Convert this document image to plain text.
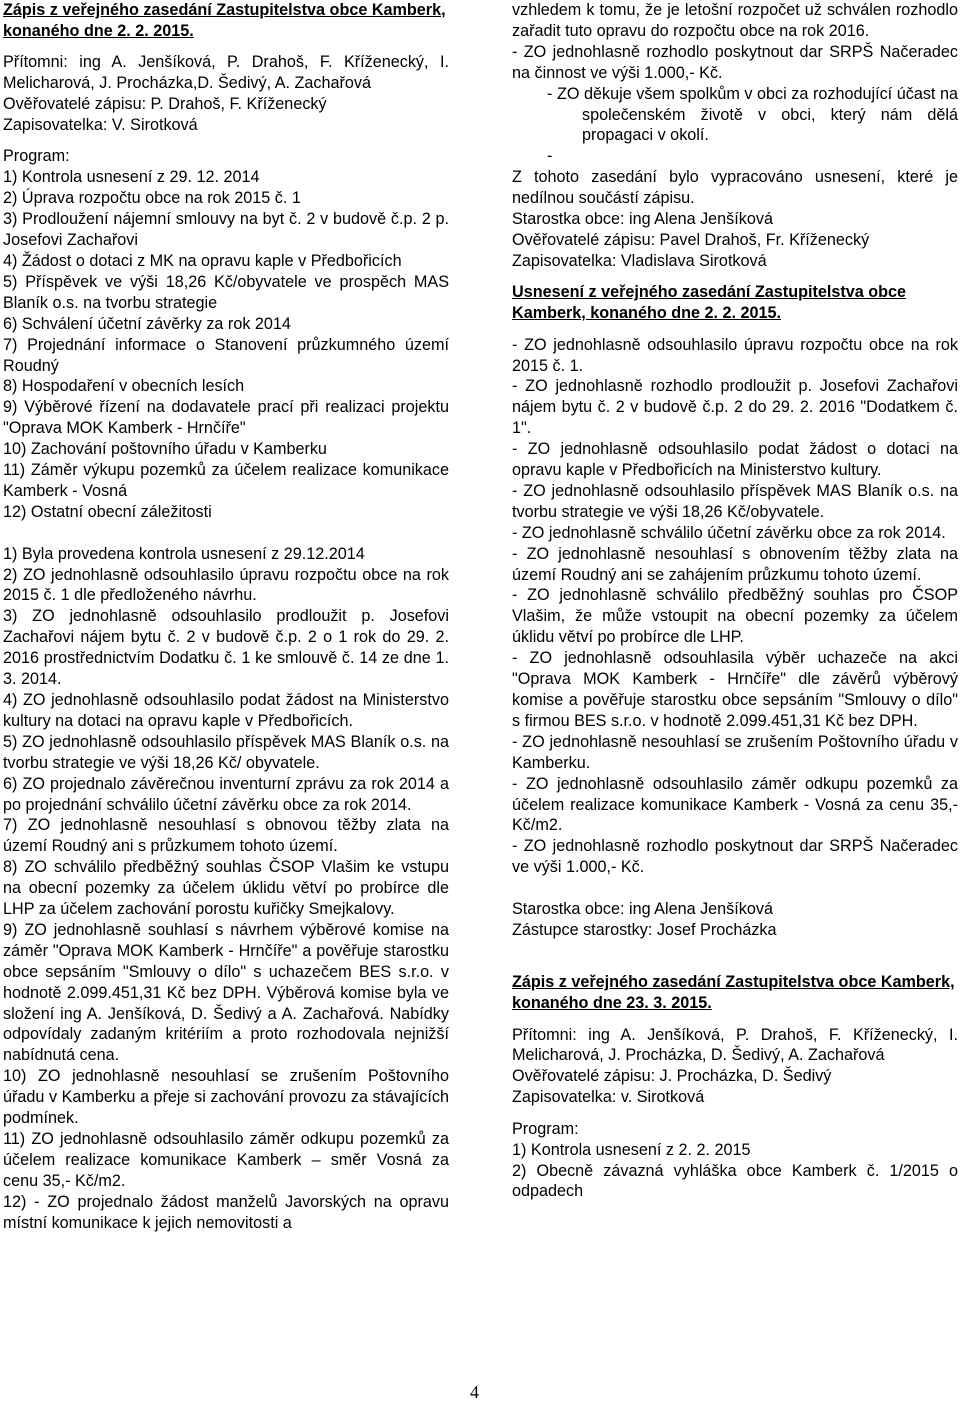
Zápis z veřejného zasedání Zastupitelstva obce Kamberk, konaného dne 2. 2. 2015.

Přítomni: ing A. Jenšíková, P. Drahoš, F. Kříženecký, I. Melicharová, J. Procházka,D. Šedivý, A. Zachařová

Ověřovatelé zápisu: P. Drahoš, F. Kříženecký

Zapisovatelka: V. Sirotková

Program:

1) Kontrola usnesení z 29. 12. 2014

2) Úprava rozpočtu obce na rok 2015 č. 1

3) Prodloužení nájemní smlouvy na byt č. 2 v budově č.p. 2 p. Josefovi Zachařovi

4) Žádost o dotaci z MK na opravu kaple v Předbořicích

5) Příspěvek ve výši 18,26 Kč/obyvatele ve prospěch MAS Blaník o.s. na tvorbu strategie

6) Schválení účetní závěrky za rok 2014

7) Projednání informace o Stanovení průzkumného území Roudný

8) Hospodaření v obecních lesích

9) Výběrové řízení na dodavatele prací při realizaci projektu "Oprava MOK Kamberk - Hrnčíře"

10) Zachování poštovního úřadu v Kamberku

11) Záměr výkupu pozemků za účelem realizace komunikace Kamberk - Vosná

12) Ostatní obecní záležitosti

1) Byla provedena kontrola usnesení z 29.12.2014

2) ZO jednohlasně odsouhlasilo úpravu rozpočtu obce na rok 2015 č. 1 dle předloženého návrhu.

3) ZO jednohlasně odsouhlasilo prodloužit p. Josefovi Zachařovi nájem bytu č. 2 v budově č.p. 2 o 1 rok do 29. 2. 2016 prostřednictvím Dodatku č. 1 ke smlouvě č. 14 ze dne 1. 3. 2014.

4) ZO jednohlasně odsouhlasilo podat žádost na Ministerstvo kultury na dotaci na opravu kaple v Předbořicích.

5) ZO jednohlasně odsouhlasilo příspěvek MAS Blaník o.s. na tvorbu strategie ve výši 18,26 Kč/ obyvatele.

6) ZO projednalo závěrečnou inventurní zprávu za rok 2014 a po projednání schválilo účetní závěrku obce za rok 2014.

7) ZO jednohlasně nesouhlasí s obnovou těžby zlata na území Roudný ani s průzkumem tohoto území.

8) ZO schválilo předběžný souhlas ČSOP Vlašim ke vstupu na obecní pozemky za účelem úklidu větví po probírce dle LHP za účelem zachování porostu kuřičky Smejkalovy.

9) ZO jednohlasně souhlasí s návrhem výběrové komise na záměr "Oprava MOK Kamberk - Hrnčíře" a pověřuje starostku obce sepsáním "Smlouvy o dílo" s uchazečem BES s.r.o. v hodnotě 2.099.451,31 Kč bez DPH. Výběrová komise byla ve složení ing A. Jenšíková, D. Šedivý a A. Zachařová. Nabídky odpovídaly zadaným kritériím a proto rozhodovala nejnižší nabídnutá cena.

10) ZO jednohlasně nesouhlasí se zrušením Poštovního úřadu v Kamberku a přeje si zachování provozu za stávajících podmínek.

11) ZO jednohlasně odsouhlasilo záměr odkupu pozemků za účelem realizace komunikace Kamberk – směr Vosná za cenu 35,- Kč/m2.

12) - ZO projednalo žádost manželů Javorských na opravu místní komunikace k jejich nemovitosti a

vzhledem k tomu, že je letošní rozpočet už schválen rozhodlo zařadit tuto opravu do rozpočtu obce na rok 2016.

- ZO jednohlasně rozhodlo poskytnout dar SRPŠ Načeradec na činnost ve výši 1.000,- Kč.

- ZO děkuje všem spolkům v obci za rozhodující účast na společenském životě v obci, který nám dělá propagaci v okolí.

-

Z tohoto zasedání bylo vypracováno usnesení, které je nedílnou součástí zápisu.

Starostka obce: ing Alena Jenšíková

Ověřovatelé zápisu: Pavel Drahoš, Fr. Kříženecký

Zapisovatelka: Vladislava Sirotková

Usnesení z veřejného zasedání Zastupitelstva obce Kamberk, konaného dne 2. 2. 2015.

- ZO jednohlasně odsouhlasilo úpravu rozpočtu obce na rok 2015 č. 1.

- ZO jednohlasně rozhodlo prodloužit p. Josefovi Zachařovi nájem bytu č. 2 v budově č.p. 2 do 29. 2. 2016 "Dodatkem č. 1".

- ZO jednohlasně odsouhlasilo podat žádost o dotaci na opravu kaple v Předbořicích na Ministerstvo kultury.

- ZO jednohlasně odsouhlasilo příspěvek MAS Blaník o.s. na tvorbu strategie ve výši 18,26 Kč/obyvatele.

- ZO jednohlasně schválilo účetní závěrku obce za rok 2014.

- ZO jednohlasně nesouhlasí s obnovením těžby zlata na území Roudný ani se zahájením průzkumu tohoto území.

- ZO jednohlasně schválilo předběžný souhlas pro ČSOP Vlašim, že může vstoupit na obecní pozemky za účelem úklidu větví po probírce dle LHP.

- ZO jednohlasně odsouhlasila výběr uchazeče na akci "Oprava MOK Kamberk - Hrnčíře" dle závěrů výběrový komise a pověřuje starostku obce sepsáním "Smlouvy o dílo" s firmou BES s.r.o. v hodnotě 2.099.451,31 Kč bez DPH.

- ZO jednohlasně nesouhlasí se zrušením Poštovního úřadu v Kamberku.

- ZO jednohlasně odsouhlasilo záměr odkupu pozemků za účelem realizace komunikace Kamberk - Vosná za cenu 35,- Kč/m2.

- ZO jednohlasně rozhodlo poskytnout dar SRPŠ Načeradec ve výši 1.000,- Kč.

Starostka obce: ing Alena Jenšíková

Zástupce starostky: Josef Procházka

Zápis z veřejného zasedání Zastupitelstva obce Kamberk, konaného dne 23. 3. 2015.

Přítomni: ing A. Jenšíková, P. Drahoš, F. Kříženecký, I. Melicharová, J. Procházka, D. Šedivý, A. Zachařová

Ověřovatelé zápisu: J. Procházka, D. Šedivý

Zapisovatelka: v. Sirotková

Program:

1) Kontrola usnesení z 2. 2. 2015

2) Obecně závazná vyhláška obce Kamberk č. 1/2015 o odpadech

4
